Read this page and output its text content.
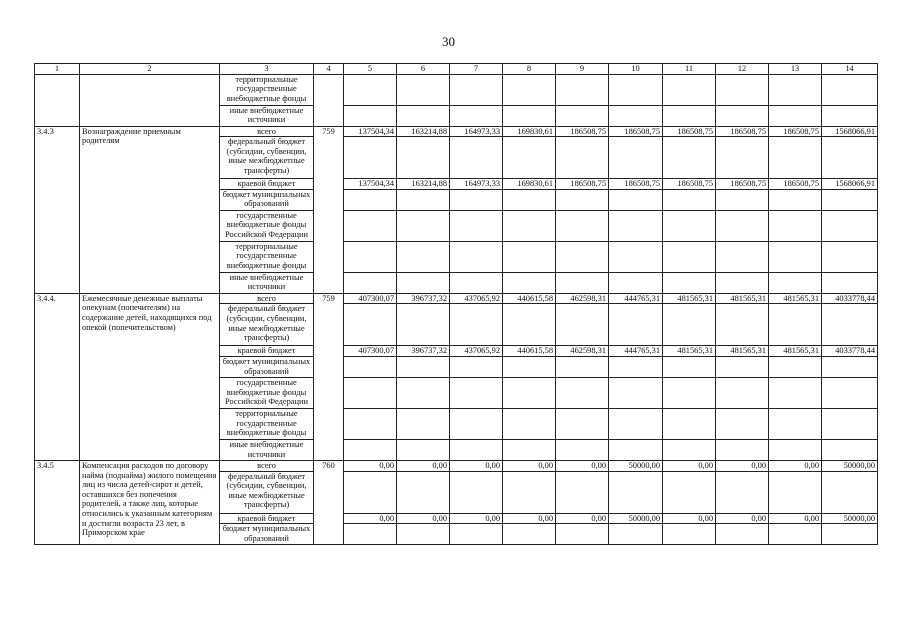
30
1	2	3	4	5	6	7	8	9	10	11	12	13	14
		территориальные государственные внебюджетные фонды											
		иные внебюджетные источники											
3.4.3	Вознаграждение приемным родителям	всего	759	137504,34	163214,88	164973,33	169830,61	186508,75	186508,75	186508,75	186508,75	186508,75	1568066,91
		федеральный бюджет (субсидии, субвенции, иные межбюджетные трансферты)											
		краевой бюджет		137504,34	163214,88	164973,33	169830,61	186508,75	186508,75	186508,75	186508,75	186508,75	1568066,91
		бюджет муниципальных образований											
		государственные внебюджетные фонды Российской Федерации											
		территориальные государственные внебюджетные фонды											
		иные внебюджетные источники											
3.4.4.	Ежемесячные денежные выплаты опекунам (попечителям) на содержание детей, находящихся под опекой (попечительством)	всего	759	407300,07	396737,32	437065,92	440615,58	462598,31	444765,31	481565,31	481565,31	481565,31	4033778,44
		федеральный бюджет (субсидии, субвенции, иные межбюджетные трансферты)											
		краевой бюджет		407300,07	396737,32	437065,92	440615,58	462598,31	444765,31	481565,31	481565,31	481565,31	4033778,44
		бюджет муниципальных образований											
		государственные внебюджетные фонды Российской Федерации											
		территориальные государственные внебюджетные фонды											
		иные внебюджетные источники											
3.4.5	Компенсация расходов по договору найма (поднайма) жилого помещения лиц из числа детей-сирот и детей, оставшихся без попечения родителей, а также лиц, которые относились к указанным категориям и достигли возраста 23 лет, в Приморском крае	всего	760	0,00	0,00	0,00	0,00	0,00	50000,00	0,00	0,00	0,00	50000,00
		федеральный бюджет (субсидии, субвенции, иные межбюджетные трансферты)											
		краевой бюджет		0,00	0,00	0,00	0,00	0,00	50000,00	0,00	0,00	0,00	50000,00
		бюджет муниципальных образований											
